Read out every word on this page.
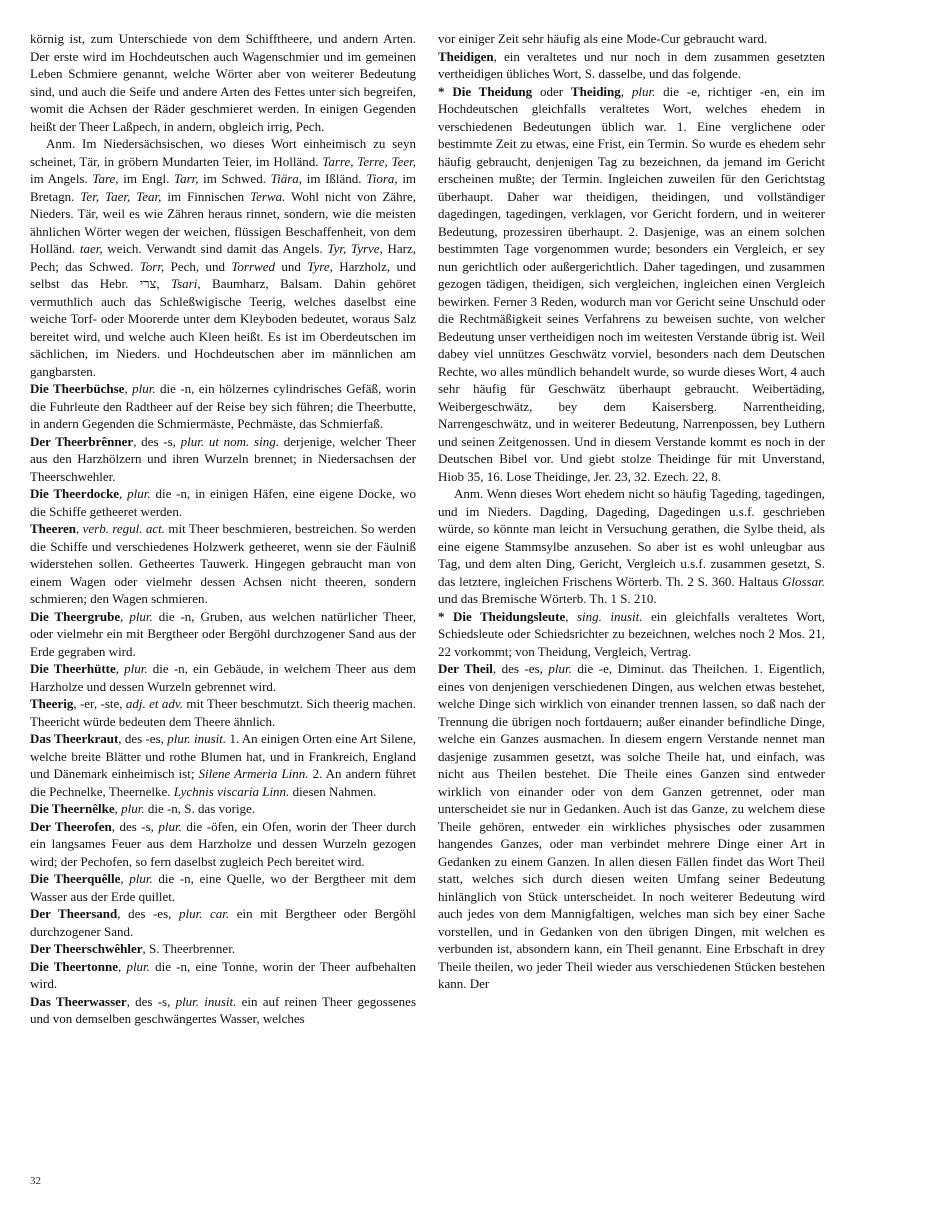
körnig ist, zum Unterschiede von dem Schifftheere, und andern Arten. Der erste wird im Hochdeutschen auch Wagenschmier und im gemeinen Leben Schmiere genannt, welche Wörter aber von weiterer Bedeutung sind, und auch die Seife und andere Arten des Fettes unter sich begreifen, womit die Achsen der Räder geschmieret werden. In einigen Gegenden heißt der Theer Laßpech, in andern, obgleich irrig, Pech.

Anm. Im Niedersächsischen, wo dieses Wort einheimisch zu seyn scheinet, Tär, in gröbern Mundarten Teier, im Holländ. Tarre, Terre, Teer, im Angels. Tare, im Engl. Tarr, im Schwed. Tiära, im Ißländ. Tiora, im Bretagn. Ter, Taer, Tear, im Finnischen Terwa. Wohl nicht von Zähre, Nieders. Tär, weil es wie Zähren heraus rinnet, sondern, wie die meisten ähnlichen Wörter wegen der weichen, flüssigen Beschaffenheit, von dem Holländ. taer, weich. Verwandt sind damit das Angels. Tyr, Tyrve, Harz, Pech; das Schwed. Torr, Pech, und Torrwed und Tyre, Harzholz, und selbst das Hebr. צרי, Tsari, Baumharz, Balsam. Dahin gehöret vermuthlich auch das Schleßwigische Teerig, welches daselbst eine weiche Torf- oder Moorerde unter dem Kleyboden bedeutet, woraus Salz bereitet wird, und welche auch Kleen heißt. Es ist im Oberdeutschen im sächlichen, im Nieders. und Hochdeutschen aber im männlichen am gangbarsten.

Die Theerbüchse, plur. die -n, ein hölzernes cylindrisches Gefäß, worin die Fuhrleute den Radtheer auf der Reise bey sich führen; die Theerbutte, in andern Gegenden die Schmiermäste, Pechmäste, das Schmierfaß.

Der Theerbrênner, des -s, plur. ut nom. sing. derjenige, welcher Theer aus den Harzhölzern und ihren Wurzeln brennet; in Niedersachsen der Theerschwehler.

Die Theerdocke, plur. die -n, in einigen Häfen, eine eigene Docke, wo die Schiffe getheeret werden.

Theeren, verb. regul. act. mit Theer beschmieren, bestreichen. So werden die Schiffe und verschiedenes Holzwerk getheeret, wenn sie der Fäulniß widerstehen sollen. Getheertes Tauwerk. Hingegen gebraucht man von einem Wagen oder vielmehr dessen Achsen nicht theeren, sondern schmieren; den Wagen schmieren.

Die Theergrube, plur. die -n, Gruben, aus welchen natürlicher Theer, oder vielmehr ein mit Bergtheer oder Bergöhl durchzogener Sand aus der Erde gegraben wird.

Die Theerhütte, plur. die -n, ein Gebäude, in welchem Theer aus dem Harzholze und dessen Wurzeln gebrennet wird.

Theerig, -er, -ste, adj. et adv. mit Theer beschmutzt. Sich theerig machen. Theericht würde bedeuten dem Theere ähnlich.

Das Theerkraut, des -es, plur. inusit. 1. An einigen Orten eine Art Silene, welche breite Blätter und rothe Blumen hat, und in Frankreich, England und Dänemark einheimisch ist; Silene Armeria Linn. 2. An andern führet die Pechnelke, Theernelke. Lychnis viscaria Linn. diesen Nahmen.

Die Theernêlke, plur. die -n, S. das vorige.

Der Theerofen, des -s, plur. die -öfen, ein Ofen, worin der Theer durch ein langsames Feuer aus dem Harzholze und dessen Wurzeln gezogen wird; der Pechofen, so fern daselbst zugleich Pech bereitet wird.

Die Theerquêlle, plur. die -n, eine Quelle, wo der Bergtheer mit dem Wasser aus der Erde quillet.

Der Theersand, des -es, plur. car. ein mit Bergtheer oder Bergöhl durchzogener Sand.

Der Theerschwêhler, S. Theerbrenner.

Die Theertonne, plur. die -n, eine Tonne, worin der Theer aufbehalten wird.

Das Theerwasser, des -s, plur. inusit. ein auf reinen Theer gegossenes und von demselben geschwängertes Wasser, welches

vor einiger Zeit sehr häufig als eine Mode-Cur gebraucht ward.

Theidigen, ein veraltetes und nur noch in dem zusammen gesetzten vertheidigen übliches Wort, S. dasselbe, und das folgende.

* Die Theidung oder Theiding, plur. die -e, richtiger -en, ein im Hochdeutschen gleichfalls veraltetes Wort, welches ehedem in verschiedenen Bedeutungen üblich war. 1. Eine verglichene oder bestimmte Zeit zu etwas, eine Frist, ein Termin. So wurde es ehedem sehr häufig gebraucht, denjenigen Tag zu bezeichnen, da jemand im Gericht erscheinen mußte; der Termin. Ingleichen zuweilen für den Gerichtstag überhaupt. Daher war theidigen, theidingen, und vollständiger dagedingen, tagedingen, verklagen, vor Gericht fordern, und in weiterer Bedeutung, prozessiren überhaupt. 2. Dasjenige, was an einem solchen bestimmten Tage vorgenommen wurde; besonders ein Vergleich, er sey nun gerichtlich oder außergerichtlich. Daher tagedingen, und zusammen gezogen tädigen, theidigen, sich vergleichen, ingleichen einen Vergleich bewirken. Ferner 3 Reden, wodurch man vor Gericht seine Unschuld oder die Rechtmäßigkeit seines Verfahrens zu beweisen suchte, von welcher Bedeutung unser vertheidigen noch im weitesten Verstande übrig ist. Weil dabey viel unnützes Geschwätz vorviel, besonders nach dem Deutschen Rechte, wo alles mündlich behandelt wurde, so wurde dieses Wort, 4 auch sehr häufig für Geschwätz überhaupt gebraucht. Weibertäding, Weibergeschwätz, bey dem Kaisersberg. Narrentheiding, Narrengeschwätz, und in weiterer Bedeutung, Narrenpossen, bey Luthern und seinen Zeitgenossen. Und in diesem Verstande kommt es noch in der Deutschen Bibel vor. Und giebt stolze Theidinge für mit Unverstand, Hiob 35, 16. Lose Theidinge, Jer. 23, 32. Ezech. 22, 8.

Anm. Wenn dieses Wort ehedem nicht so häufig Tageding, tagedingen, und im Nieders. Dagding, Dageding, Dagedingen u.s.f. geschrieben würde, so könnte man leicht in Versuchung gerathen, die Sylbe theid, als eine eigene Stammsylbe anzusehen. So aber ist es wohl unleugbar aus Tag, und dem alten Ding, Gericht, Vergleich u.s.f. zusammen gesetzt, S. das letztere, ingleichen Frischens Wörterb. Th. 2 S. 360. Haltaus Glossar. und das Bremische Wörterb. Th. 1 S. 210.

* Die Theidungsleute, sing. inusit. ein gleichfalls veraltetes Wort, Schiedsleute oder Schiedsrichter zu bezeichnen, welches noch 2 Mos. 21, 22 vorkommt; von Theidung, Vergleich, Vertrag.

Der Theil, des -es, plur. die -e, Diminut. das Theilchen. 1. Eigentlich, eines von denjenigen verschiedenen Dingen, aus welchen etwas bestehet, welche Dinge sich wirklich von einander trennen lassen, so daß nach der Trennung die übrigen noch fortdauern; außer einander befindliche Dinge, welche ein Ganzes ausmachen. In diesem engern Verstande nennet man dasjenige zusammen gesetzt, was solche Theile hat, und einfach, was nicht aus Theilen bestehet. Die Theile eines Ganzen sind entweder wirklich von einander oder von dem Ganzen getrennet, oder man unterscheidet sie nur in Gedanken. Auch ist das Ganze, zu welchem diese Theile gehören, entweder ein wirkliches physisches oder zusammen hangendes Ganzes, oder man verbindet mehrere Dinge einer Art in Gedanken zu einem Ganzen. In allen diesen Fällen findet das Wort Theil statt, welches sich durch diesen weiten Umfang seiner Bedeutung hinlänglich von Stück unterscheidet. In noch weiterer Bedeutung wird auch jedes von dem Mannigfaltigen, welches man sich bey einer Sache vorstellen, und in Gedanken von den übrigen Dingen, mit welchen es verbunden ist, absondern kann, ein Theil genannt. Eine Erbschaft in drey Theile theilen, wo jeder Theil wieder aus verschiedenen Stücken bestehen kann. Der

32
